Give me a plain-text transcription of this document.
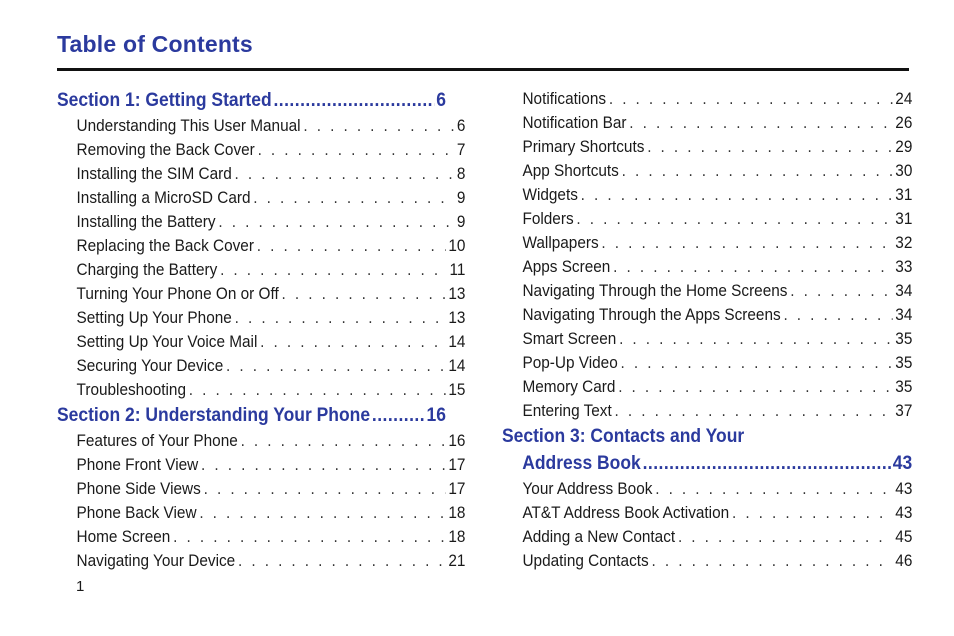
Table of Contents
Section 1: Getting Started .....	6
Understanding This User Manual . . .	6
Removing the Back Cover . . .	7
Installing the SIM Card . . .	8
Installing a MicroSD Card . . .	9
Installing the Battery . . .	9
Replacing the Back Cover . . .	10
Charging the Battery . . .	11
Turning Your Phone On or Off . . .	13
Setting Up Your Phone . . .	13
Setting Up Your Voice Mail . . .	14
Securing Your Device . . .	14
Troubleshooting . . .	15
Section 2: Understanding Your Phone .....	16
Features of Your Phone . . .	16
Phone Front View . . .	17
Phone Side Views . . .	17
Phone Back View . . .	18
Home Screen . . .	18
Navigating Your Device . . .	21
Notifications . . .	24
Notification Bar . . .	26
Primary Shortcuts . . .	29
App Shortcuts . . .	30
Widgets . . .	31
Folders . . .	31
Wallpapers . . .	32
Apps Screen . . .	33
Navigating Through the Home Screens . . .	34
Navigating Through the Apps Screens . . .	34
Smart Screen . . .	35
Pop-Up Video . . .	35
Memory Card . . .	35
Entering Text . . .	37
Section 3: Contacts and Your
Address Book .....	43
Your Address Book . . .	43
AT&T Address Book Activation . . .	43
Adding a New Contact . . .	45
Updating Contacts . . .	46
1
